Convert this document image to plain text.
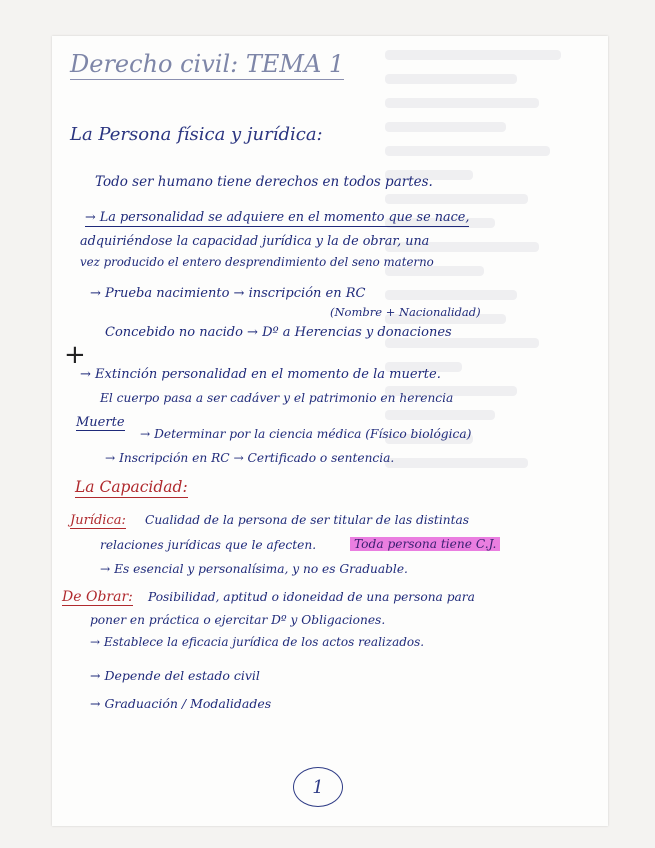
Derecho civil: TEMA 1
La Persona física y jurídica:
Todo ser humano tiene derechos en todos partes.
→ La personalidad se adquiere en el momento que se nace,
adquiriéndose la capacidad jurídica y la de obrar, una
vez producido el entero desprendimiento del seno materno
→ Prueba nacimiento → inscripción en RC
(Nombre + Nacionalidad)
Concebido no nacido → Dº a Herencias y donaciones
+
→ Extinción personalidad en el momento de la muerte.
El cuerpo pasa a ser cadáver y el patrimonio en herencia
Muerte
→ Determinar por la ciencia médica (Físico biológica)
→ Inscripción en RC → Certificado o sentencia.
La Capacidad:
Jurídica: Cualidad de la persona de ser titular de las distintas
relaciones jurídicas que le afecten.	Toda persona tiene C.J.
→ Es esencial y personalísima, y no es Graduable.
De Obrar: Posibilidad, aptitud o idoneidad de una persona para
poner en práctica o ejercitar Dº y Obligaciones.
→ Establece la eficacia jurídica de los actos realizados.
→ Depende del estado civil
→ Graduación / Modalidades
1
